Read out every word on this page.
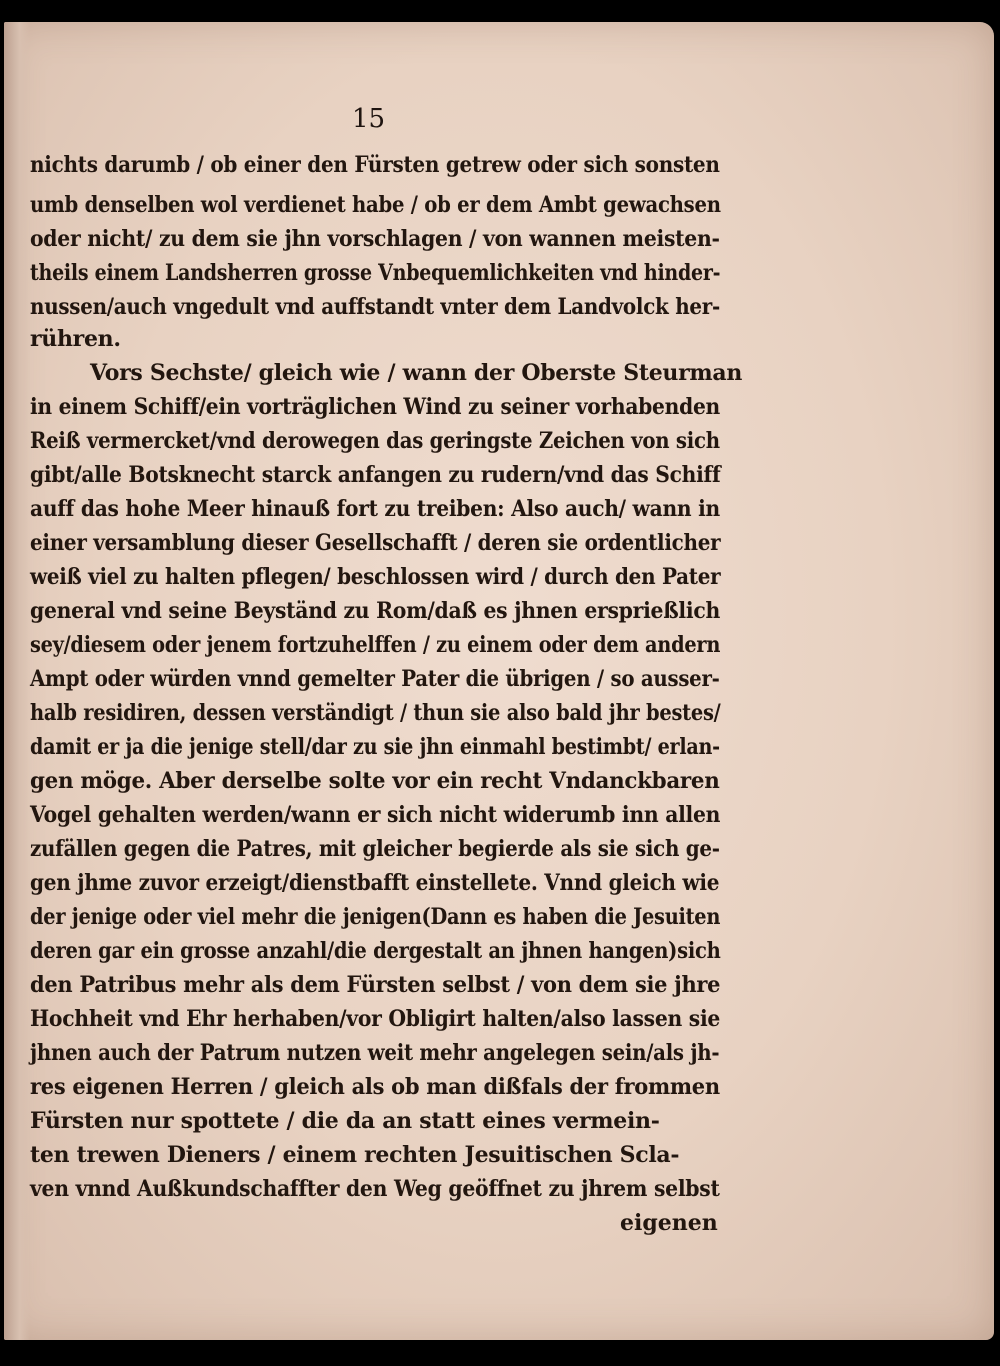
15
nichts darumb / ob einer den Fürsten getrew oder sich sonsten
umb denselben wol verdienet habe / ob er dem Ambt gewachsen
oder nicht/ zu dem sie jhn vorschlagen / von wannen meisten-
theils einem Landsherren grosse Vnbequemlichkeiten vnd hinder-
nussen/auch vngedult vnd auffstandt vnter dem Landvolck her-
rühren.
Vors Sechste/ gleich wie / wann der Oberste Steurman
in einem Schiff/ein vorträglichen Wind zu seiner vorhabenden
Reiß vermercket/vnd derowegen das geringste Zeichen von sich
gibt/alle Botsknecht starck anfangen zu rudern/vnd das Schiff
auff das hohe Meer hinauß fort zu treiben: Also auch/ wann in
einer versamblung dieser Gesellschafft / deren sie ordentlicher
weiß viel zu halten pflegen/ beschlossen wird / durch den Pater
general vnd seine Beyständ zu Rom/daß es jhnen ersprießlich
sey/diesem oder jenem fortzuhelffen / zu einem oder dem andern
Ampt oder würden vnnd gemelter Pater die übrigen / so ausser-
halb residiren, dessen verständigt / thun sie also bald jhr bestes/
damit er ja die jenige stell/dar zu sie jhn einmahl bestimbt/ erlan-
gen möge. Aber derselbe solte vor ein recht Vndanckbaren
Vogel gehalten werden/wann er sich nicht widerumb inn allen
zufällen gegen die Patres, mit gleicher begierde als sie sich ge-
gen jhme zuvor erzeigt/dienstbafft einstellete. Vnnd gleich wie
der jenige oder viel mehr die jenigen(Dann es haben die Jesuiten
deren gar ein grosse anzahl/die dergestalt an jhnen hangen)sich
den Patribus mehr als dem Fürsten selbst / von dem sie jhre
Hochheit vnd Ehr herhaben/vor Obligirt halten/also lassen sie
jhnen auch der Patrum nutzen weit mehr angelegen sein/als jh-
res eigenen Herren / gleich als ob man dißfals der frommen
Fürsten nur spottete / die da an statt eines vermein-
ten trewen Dieners / einem rechten Jesuitischen Scla-
ven vnnd Außkundschaffter den Weg geöffnet zu jhrem selbst
eigenen
